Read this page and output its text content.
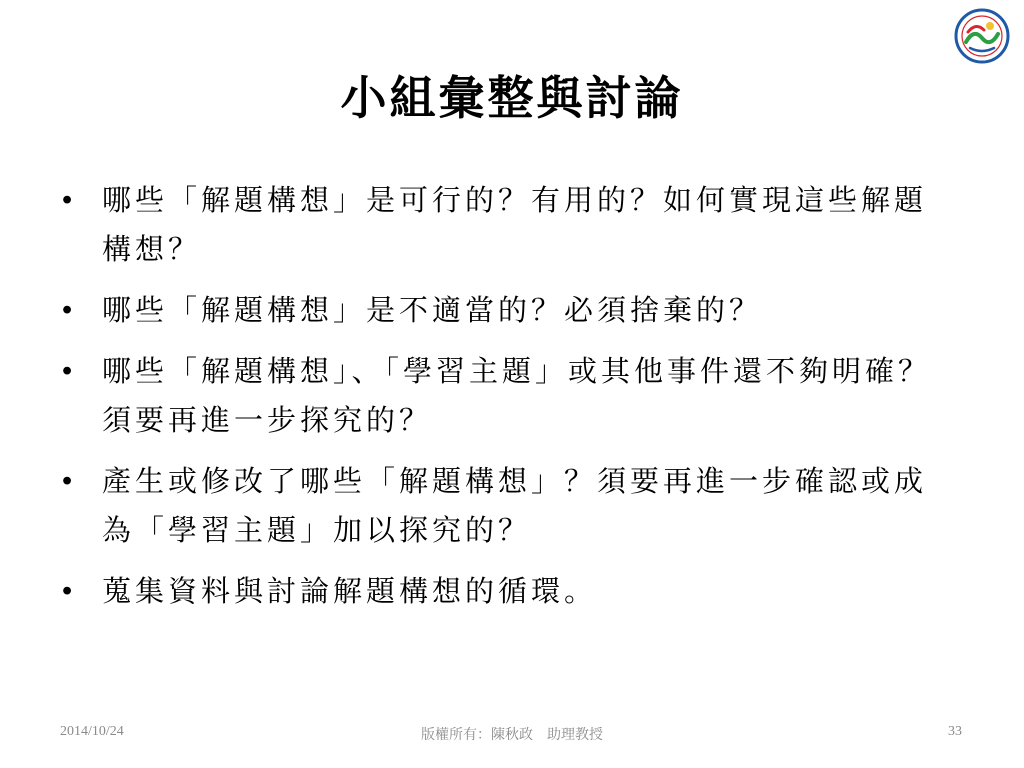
小組彙整與討論
• 哪些「解題構想」是可行的？有用的？如何實現這些解題構想？
• 哪些「解題構想」是不適當的？必須捨棄的？
• 哪些「解題構想」、「學習主題」或其他事件還不夠明確？須要再進一步探究的？
• 產生或修改了哪些「解題構想」？須要再進一步確認或成為「學習主題」加以探究的？
• 蒐集資料與討論解題構想的循環。
2014/10/24	版權所有：陳秋政　助理教授	33
